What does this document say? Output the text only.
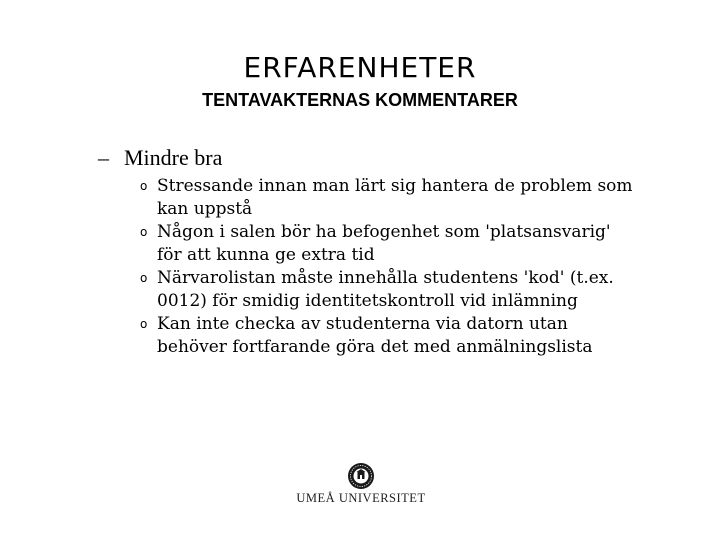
ERFARENHETER
TENTAVAKTERNAS KOMMENTARER
– Mindre bra
o Stressande innan man lärt sig hantera de problem som kan uppstå
o Någon i salen bör ha befogenhet som 'platsansvarig' för att kunna ge extra tid
o Närvarolistan måste innehålla studentens 'kod' (t.ex. 0012) för smidig identitetskontroll vid inlämning
o Kan inte checka av studenterna via datorn utan behöver fortfarande göra det med anmälningslista
UMEÅ UNIVERSITET
